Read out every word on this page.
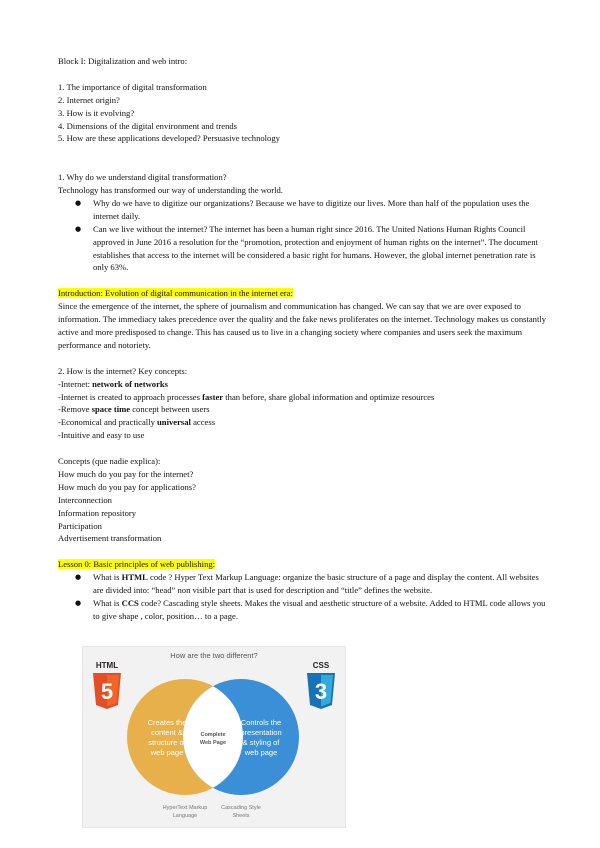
Block I: Digitalization and web intro:

1. The importance of digital transformation

2. Internet origin?

3. How is it evolving?

4. Dimensions of the digital environment and trends

5. How are these applications developed? Persuasive technology

1. Why do we understand digital transformation?

Technology has transformed our way of understanding the world.

● Why do we have to digitize our organizations? Because we have to digitize our lives. More than half of the population uses the internet daily.
● Can we live without the internet? The internet has been a human right since 2016. The United Nations Human Rights Council approved in June 2016 a resolution for the “promotion, protection and enjoyment of human rights on the internet”. The document establishes that access to the internet will be considered a basic right for humans. However, the global internet penetration rate is only 63%.

Introduction: Evolution of digital communication in the internet era:

Since the emergence of the internet, the sphere of journalism and communication has changed. We can say that we are over exposed to information. The immediacy takes precedence over the quality and the fake news proliferates on the internet. Technology makes us constantly active and more predisposed to change. This has caused us to live in a changing society where companies and users seek the maximum performance and notoriety.

2. How is the internet? Key concepts:

-Internet: network of networks

-Internet is created to approach processes faster than before, share global information and optimize resources

-Remove space time concept between users

-Economical and practically universal access

-Intuitive and easy to use

Concepts (que nadie explica):

How much do you pay for the internet?

How much do you pay for applications?

Interconnection

Information repository

Participation

Advertisement transformation

Lesson 0: Basic principles of web publishing:

● What is HTML code ? Hyper Text Markup Language: organize the basic structure of a page and display the content. All websites are divided into: “head” non visible part that is used for description and “title” defines the website.
● What is CCS code? Cascading style sheets. Makes the visual and aesthetic structure of a website. Added to HTML code allows you to give shape , color, position… to a page.
How are the two different?
HTML
5
CSS
3
Creates the
content &
structure of
web page
Complete
Web Page
Controls the
presentation
& styling of
web page
HyperText Markup
Language
Cascading Style
Sheets
